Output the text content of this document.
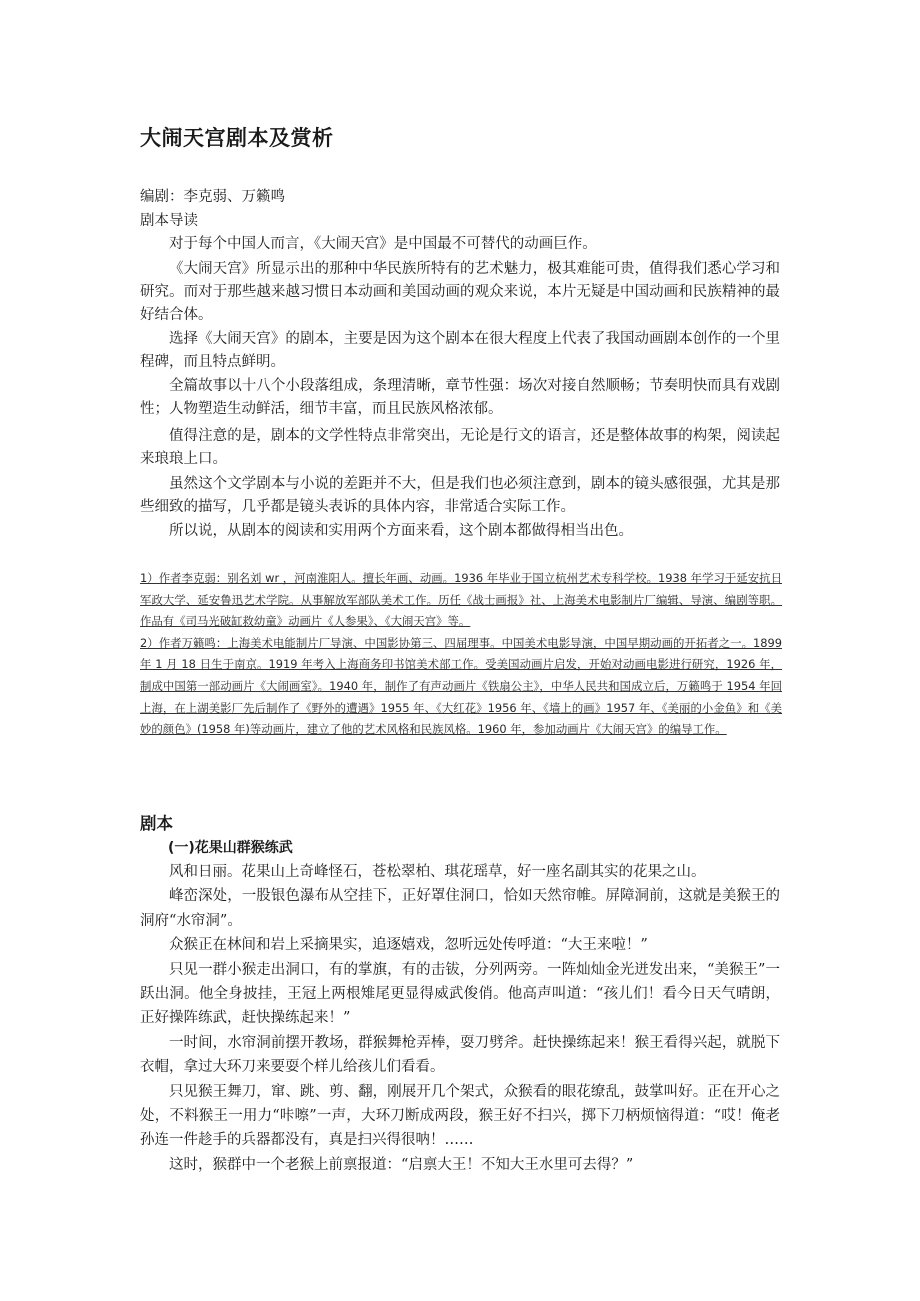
大闹天宫剧本及赏析

编剧：李克弱、万籁鸣

剧本导读

对于每个中国人而言，《大闹天宫》是中国最不可替代的动画巨作。

《大闹天宫》所显示出的那种中华民族所特有的艺术魅力，极其难能可贵，值得我们悉心学习和研究。而对于那些越来越习惯日本动画和美国动画的观众来说，本片无疑是中国动画和民族精神的最好结合体。

选择《大闹天宫》的剧本，主要是因为这个剧本在很大程度上代表了我国动画剧本创作的一个里程碑，而且特点鲜明。

全篇故事以十八个小段落组成，条理清晰，章节性强：场次对接自然顺畅；节奏明快而具有戏剧性；人物塑造生动鲜活，细节丰富，而且民族风格浓郁。

值得注意的是，剧本的文学性特点非常突出，无论是行文的语言，还是整体故事的构架，阅读起来琅琅上口。

虽然这个文学剧本与小说的差距并不大，但是我们也必须注意到，剧本的镜头感很强，尤其是那些细致的描写，几乎都是镜头表诉的具体内容，非常适合实际工作。

所以说，从剧本的阅读和实用两个方面来看，这个剧本都做得相当出色。

1）作者李克弱：别名刘 wr ，河南淮阳人。擅长年画、动画。1936 年毕业于国立杭州艺术专科学校。1938 年学习于延安抗日军政大学、延安鲁迅艺术学院。从事解放军部队美术工作。历任《战士画报》社、上海美术电影制片厂编辑、导演、编剧等职。作品有《司马光破缸救幼童》动画片《人参果》、《大闹天宫》等。

2）作者万籁鸣：上海美术电能制片厂导演、中国影协第三、四届理事。中国美术电影导演，中国早期动画的开拓者之一。1899 年 1 月 18 日生于南京。1919 年考入上海商务印书馆美术部工作。受美国动画片启发，开始对动画电影进行研究，1926 年，制成中国第一部动画片《大闹画室》。1940 年，制作了有声动画片《铁扇公主》，中华人民共和国成立后，万籁鸣于 1954 年回上海，在上湖美影厂先后制作了《野外的遭遇》1955 年、《大红花》1956 年、《墙上的画》1957 年、《美丽的小金鱼》和《美妙的颜色》(1958 年)等动画片，建立了他的艺术风格和民族风格。1960 年，参加动画片《大闹天宫》的编导工作。

剧本
(一)花果山群猴练武

风和日丽。花果山上奇峰怪石，苍松翠柏、琪花瑶草，好一座名副其实的花果之山。

峰峦深处，一股银色瀑布从空挂下，正好罩住洞口，恰如天然帘帷。屏障洞前，这就是美猴王的洞府“水帘洞”。

众猴正在林间和岩上采摘果实，追逐嬉戏，忽听远处传呼道：“大王来啦！”

只见一群小猴走出洞口，有的掌旗，有的击钹，分列两旁。一阵灿灿金光迸发出来，“美猴王”一跃出洞。他全身披挂，王冠上两根雉尾更显得威武俊俏。他高声叫道：“孩儿们！看今日天气晴朗，正好操阵练武，赶快操练起来！”

一时间，水帘洞前摆开教场，群猴舞枪弄棒，耍刀劈斧。赶快操练起来！猴王看得兴起，就脱下衣帽，拿过大环刀来要耍个样儿给孩儿们看看。

只见猴王舞刀，窜、跳、剪、翻，刚展开几个架式，众猴看的眼花缭乱，鼓掌叫好。正在开心之处，不料猴王一用力“咔嚓”一声，大环刀断成两段，猴王好不扫兴，掷下刀柄烦恼得道：“哎！俺老孙连一件趁手的兵器都没有，真是扫兴得很呐！……

这时，猴群中一个老猴上前禀报道：“启禀大王！不知大王水里可去得？”
